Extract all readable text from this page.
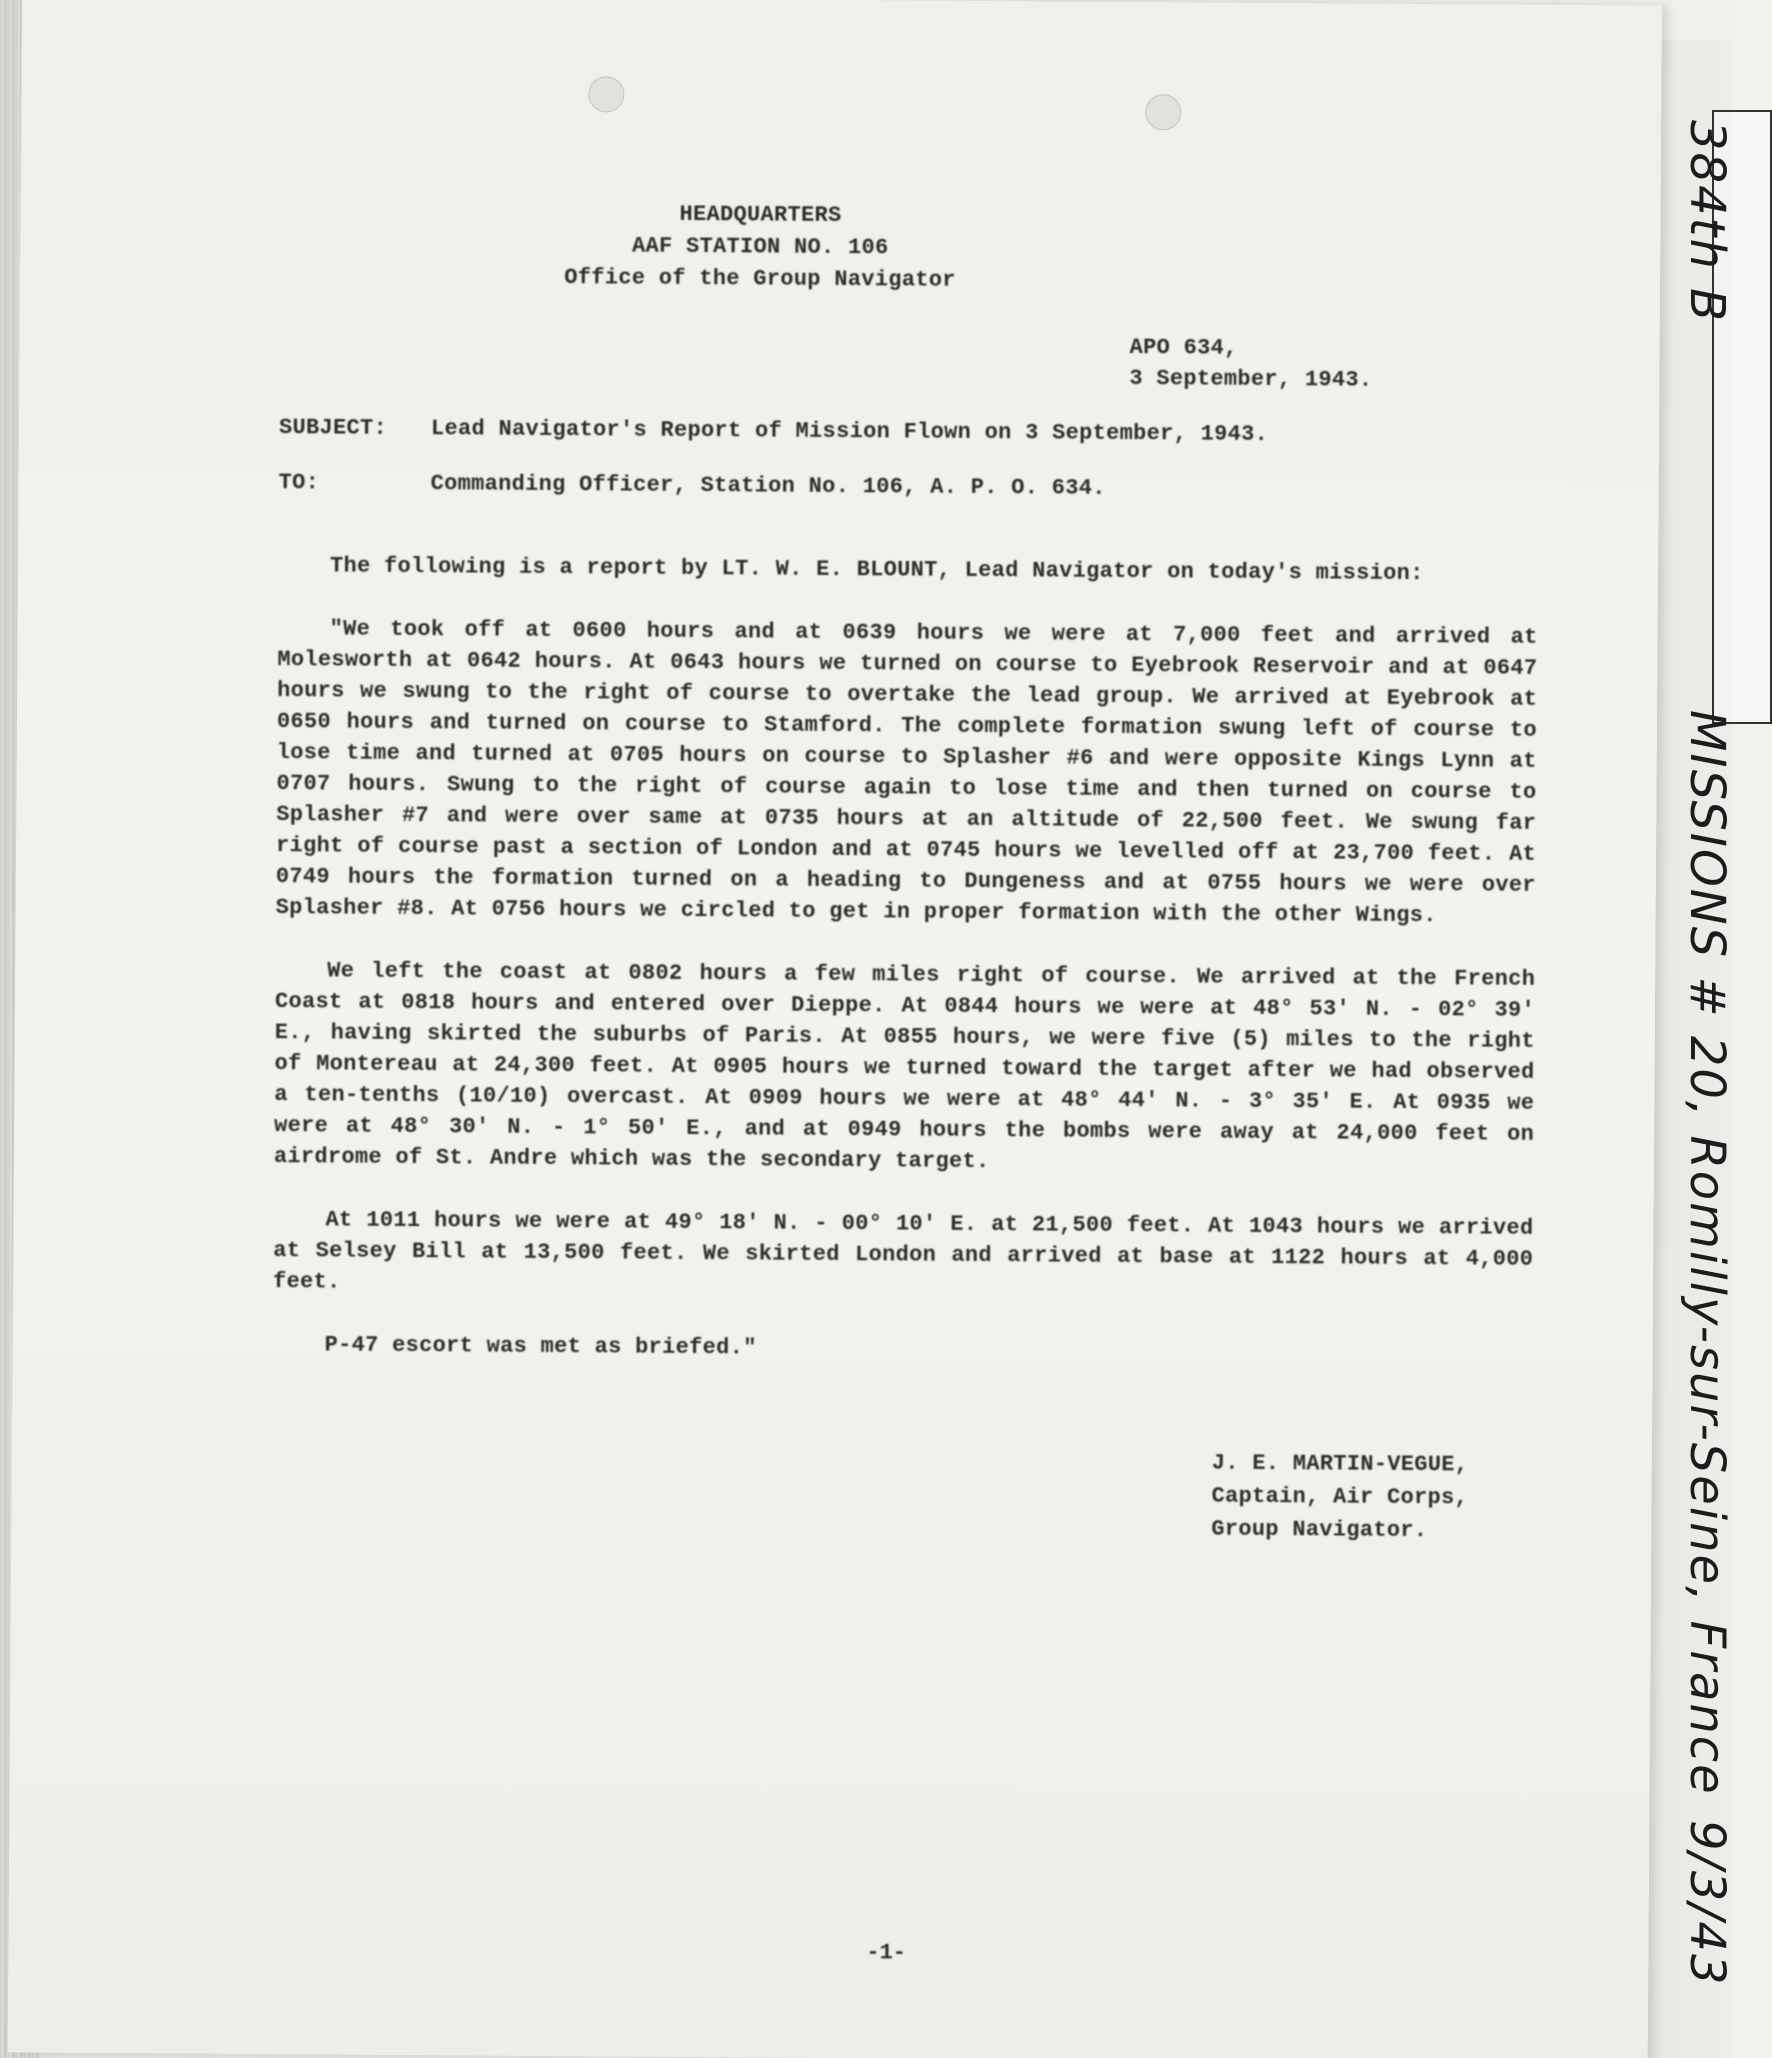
HEADQUARTERS
AAF STATION NO. 106
Office of the Group Navigator
APO 634,
3 September, 1943.
SUBJECT:	Lead Navigator's Report of Mission Flown on 3 September, 1943.
TO:	Commanding Officer, Station No. 106, A. P. O. 634.
The following is a report by LT. W. E. BLOUNT, Lead Navigator on today's mission:
"We took off at 0600 hours and at 0639 hours we were at 7,000 feet and arrived at Molesworth at 0642 hours. At 0643 hours we turned on course to Eyebrook Reservoir and at 0647 hours we swung to the right of course to overtake the lead group. We arrived at Eyebrook at 0650 hours and turned on course to Stamford. The complete formation swung left of course to lose time and turned at 0705 hours on course to Splasher #6 and were opposite Kings Lynn at 0707 hours. Swung to the right of course again to lose time and then turned on course to Splasher #7 and were over same at 0735 hours at an altitude of 22,500 feet. We swung far right of course past a section of London and at 0745 hours we levelled off at 23,700 feet. At 0749 hours the formation turned on a heading to Dungeness and at 0755 hours we were over Splasher #8. At 0756 hours we circled to get in proper formation with the other Wings.
We left the coast at 0802 hours a few miles right of course. We arrived at the French Coast at 0818 hours and entered over Dieppe. At 0844 hours we were at 48° 53' N. - 02° 39' E., having skirted the suburbs of Paris. At 0855 hours, we were five (5) miles to the right of Montereau at 24,300 feet. At 0905 hours we turned toward the target after we had observed a ten-tenths (10/10) overcast. At 0909 hours we were at 48° 44' N. - 3° 35' E. At 0935 we were at 48° 30' N. - 1° 50' E., and at 0949 hours the bombs were away at 24,000 feet on airdrome of St. Andre which was the secondary target.
At 1011 hours we were at 49° 18' N. - 00° 10' E. at 21,500 feet. At 1043 hours we arrived at Selsey Bill at 13,500 feet. We skirted London and arrived at base at 1122 hours at 4,000 feet.
P-47 escort was met as briefed."
J. E. MARTIN-VEGUE,
Captain, Air Corps,
Group Navigator.
-1-
384th B
MISSIONS # 20, Romilly-sur-Seine, France
9/3/43
